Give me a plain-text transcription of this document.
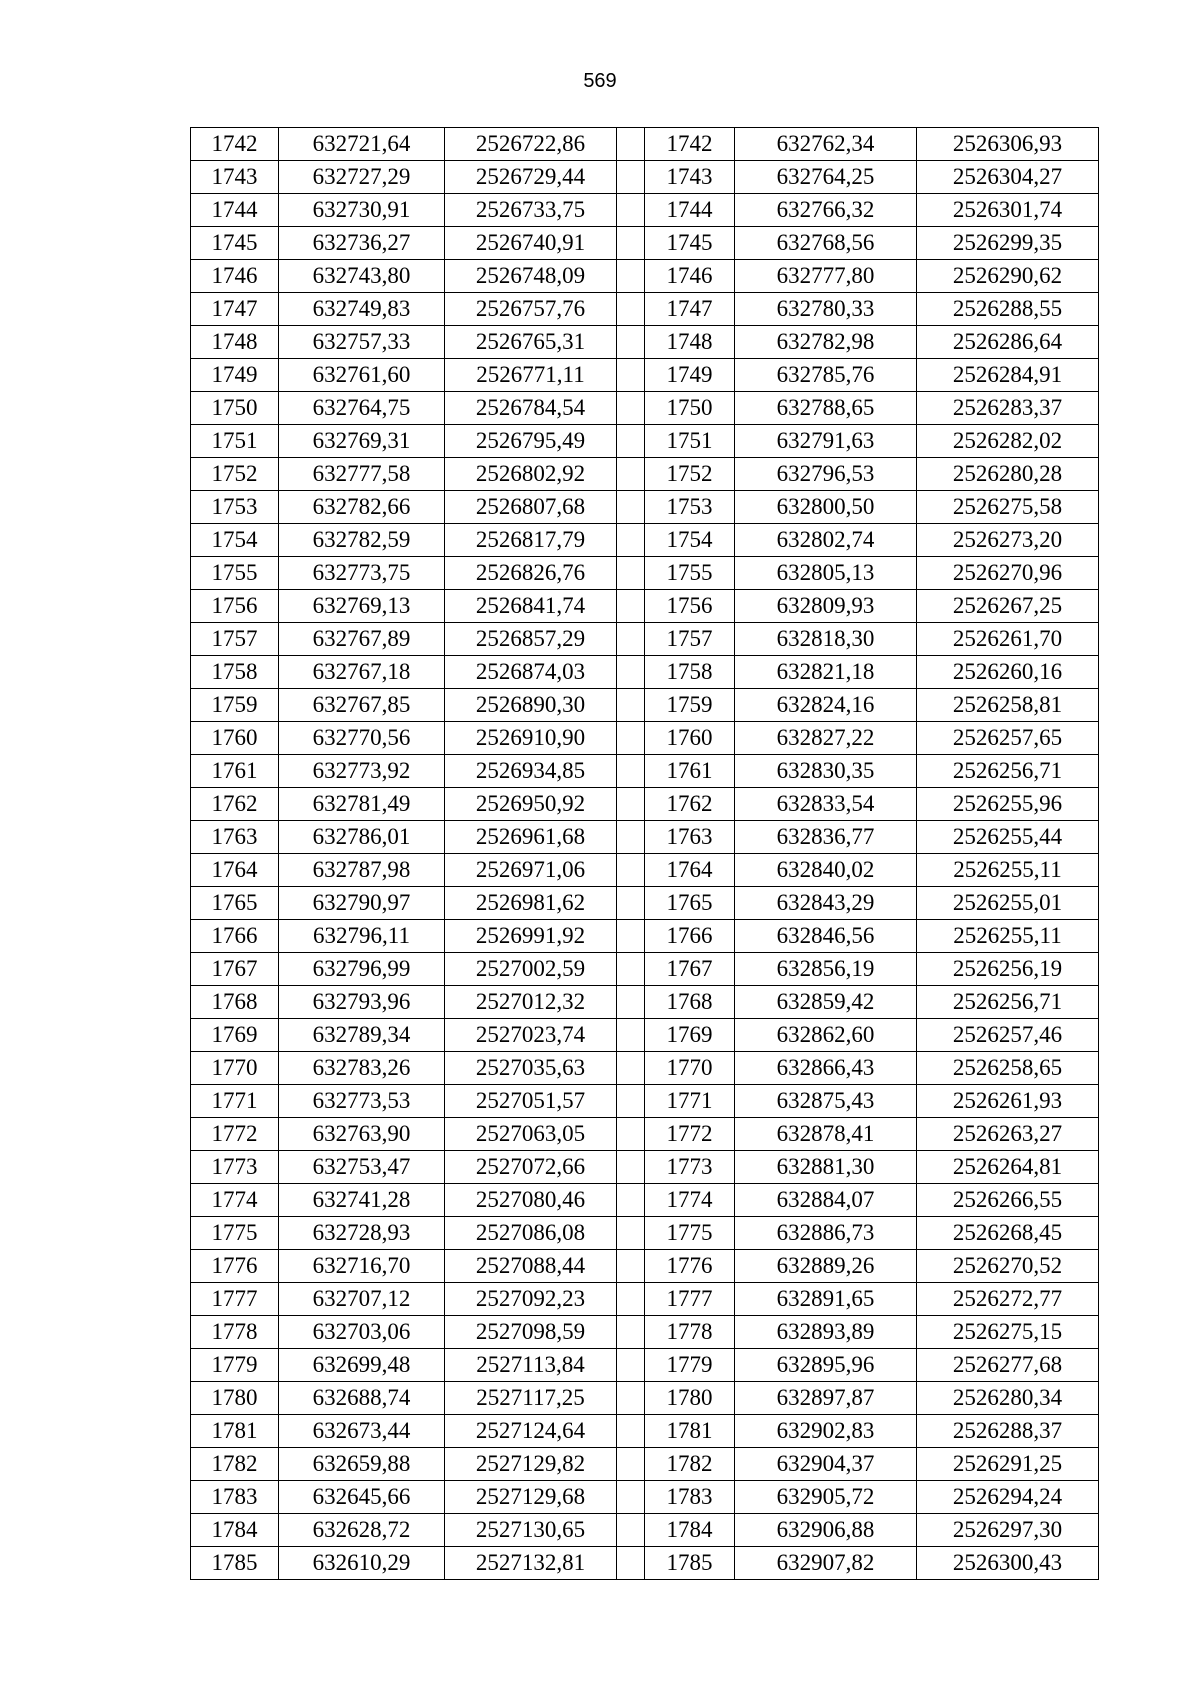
569
1742	632721,64	2526722,86		1742	632762,34	2526306,93
1743	632727,29	2526729,44		1743	632764,25	2526304,27
1744	632730,91	2526733,75		1744	632766,32	2526301,74
1745	632736,27	2526740,91		1745	632768,56	2526299,35
1746	632743,80	2526748,09		1746	632777,80	2526290,62
1747	632749,83	2526757,76		1747	632780,33	2526288,55
1748	632757,33	2526765,31		1748	632782,98	2526286,64
1749	632761,60	2526771,11		1749	632785,76	2526284,91
1750	632764,75	2526784,54		1750	632788,65	2526283,37
1751	632769,31	2526795,49		1751	632791,63	2526282,02
1752	632777,58	2526802,92		1752	632796,53	2526280,28
1753	632782,66	2526807,68		1753	632800,50	2526275,58
1754	632782,59	2526817,79		1754	632802,74	2526273,20
1755	632773,75	2526826,76		1755	632805,13	2526270,96
1756	632769,13	2526841,74		1756	632809,93	2526267,25
1757	632767,89	2526857,29		1757	632818,30	2526261,70
1758	632767,18	2526874,03		1758	632821,18	2526260,16
1759	632767,85	2526890,30		1759	632824,16	2526258,81
1760	632770,56	2526910,90		1760	632827,22	2526257,65
1761	632773,92	2526934,85		1761	632830,35	2526256,71
1762	632781,49	2526950,92		1762	632833,54	2526255,96
1763	632786,01	2526961,68		1763	632836,77	2526255,44
1764	632787,98	2526971,06		1764	632840,02	2526255,11
1765	632790,97	2526981,62		1765	632843,29	2526255,01
1766	632796,11	2526991,92		1766	632846,56	2526255,11
1767	632796,99	2527002,59		1767	632856,19	2526256,19
1768	632793,96	2527012,32		1768	632859,42	2526256,71
1769	632789,34	2527023,74		1769	632862,60	2526257,46
1770	632783,26	2527035,63		1770	632866,43	2526258,65
1771	632773,53	2527051,57		1771	632875,43	2526261,93
1772	632763,90	2527063,05		1772	632878,41	2526263,27
1773	632753,47	2527072,66		1773	632881,30	2526264,81
1774	632741,28	2527080,46		1774	632884,07	2526266,55
1775	632728,93	2527086,08		1775	632886,73	2526268,45
1776	632716,70	2527088,44		1776	632889,26	2526270,52
1777	632707,12	2527092,23		1777	632891,65	2526272,77
1778	632703,06	2527098,59		1778	632893,89	2526275,15
1779	632699,48	2527113,84		1779	632895,96	2526277,68
1780	632688,74	2527117,25		1780	632897,87	2526280,34
1781	632673,44	2527124,64		1781	632902,83	2526288,37
1782	632659,88	2527129,82		1782	632904,37	2526291,25
1783	632645,66	2527129,68		1783	632905,72	2526294,24
1784	632628,72	2527130,65		1784	632906,88	2526297,30
1785	632610,29	2527132,81		1785	632907,82	2526300,43
